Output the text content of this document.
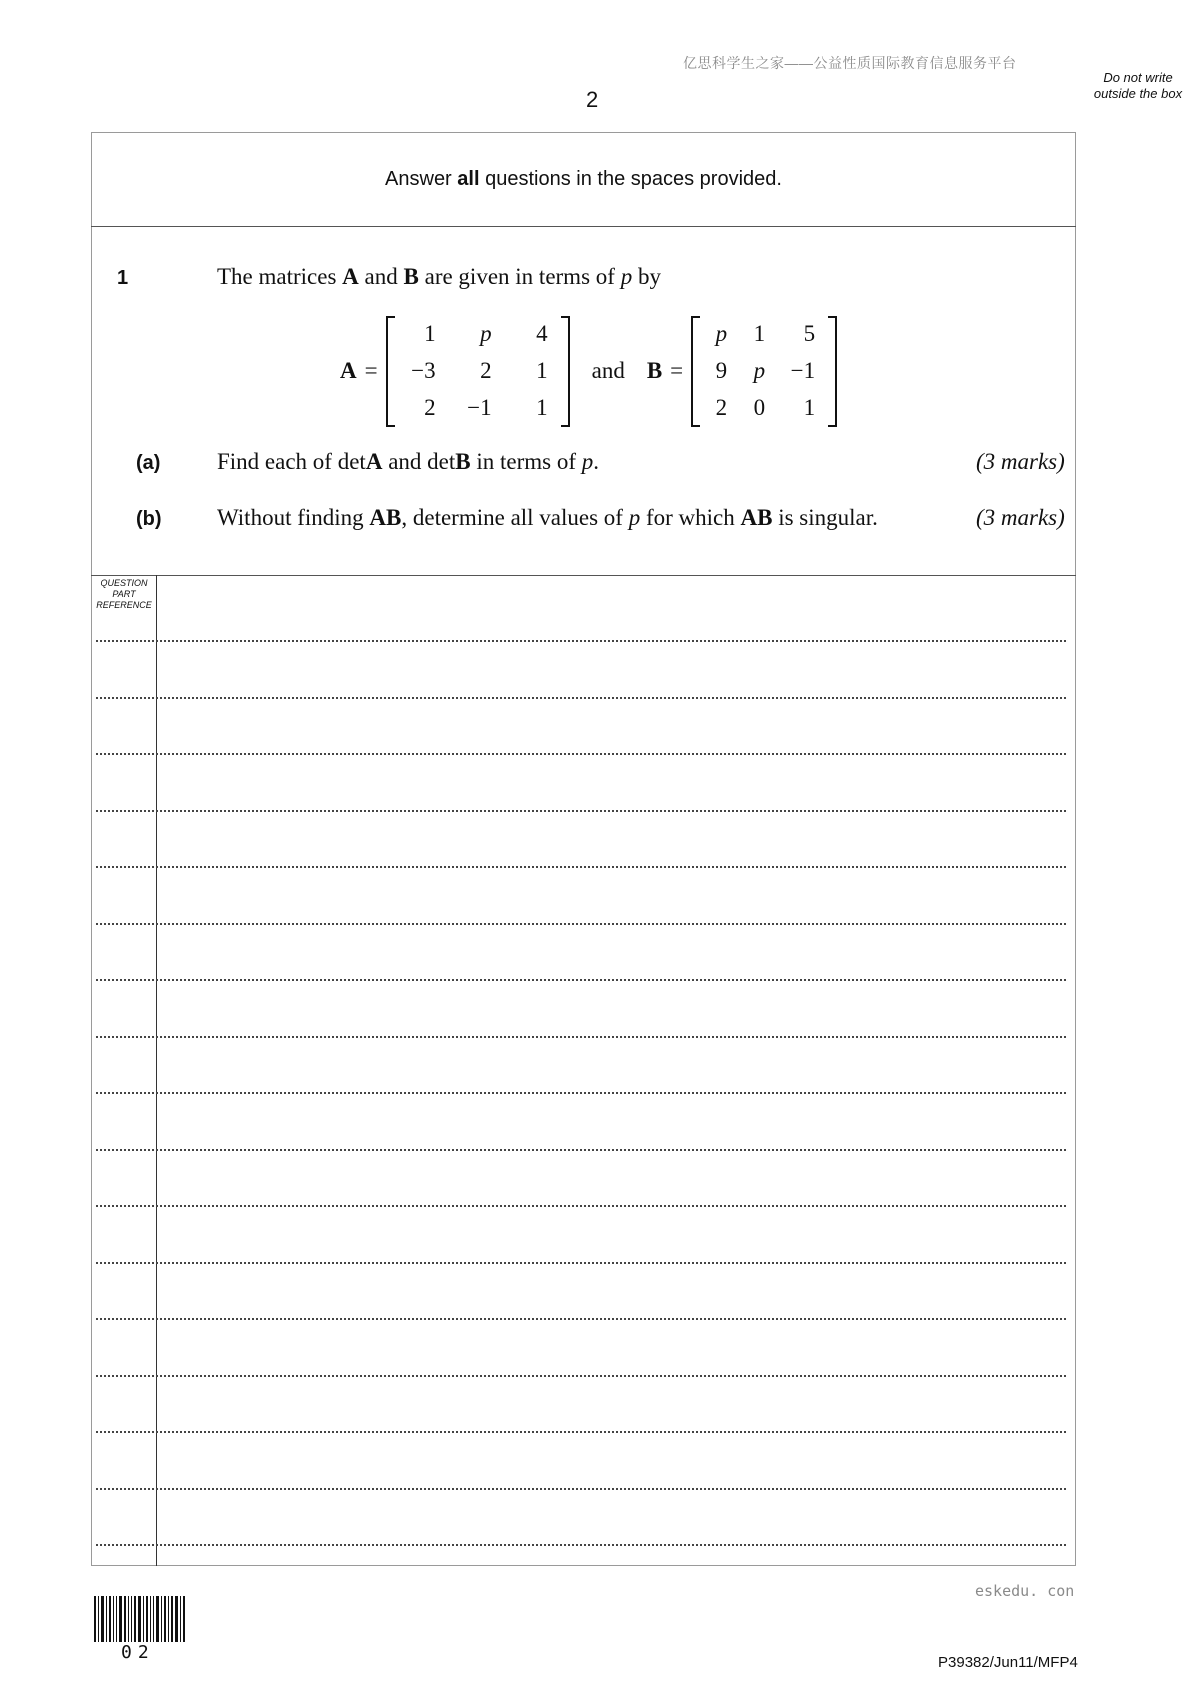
亿思科学生之家——公益性质国际教育信息服务平台
2
Do not write outside the box
Answer all questions in the spaces provided.
1	The matrices A and B are given in terms of p by
A =
1	p	4
−3	2	1
2	−1	1
and B =
p	1	5
9	p	−1
2	0	1
(a) Find each of detA and detB in terms of p.	(3 marks)
(b) Without finding AB, determine all values of p for which AB is singular.	(3 marks)
QUESTION PART REFERENCE
eskedu. con
02	P39382/Jun11/MFP4
